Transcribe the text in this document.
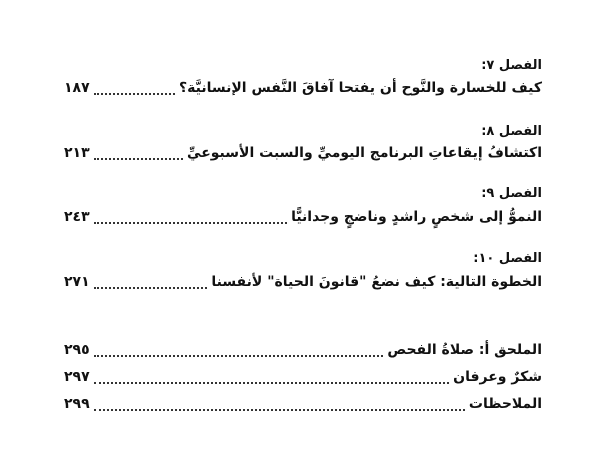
الفصل ٧:
كيف للخسارة والنَّوح أن يفتحا آفاقَ النَّفس الإنسانيَّة؟
١٨٧
الفصل ٨:
اكتشافُ إيقاعاتِ البرنامج اليوميِّ والسبت الأسبوعيِّ
٢١٣
الفصل ٩:
النموُّ إلى شخصٍ راشدٍ وناضجٍ وجدانيًّا
٢٤٣
الفصل ١٠:
الخطوة التالية: كيف نضعُ "قانونَ الحياة" لأنفسنا
٢٧١
الملحق أ: صلاةُ الفحص
٢٩٥
شكرٌ وعرفان
٢٩٧
الملاحظات
٢٩٩
